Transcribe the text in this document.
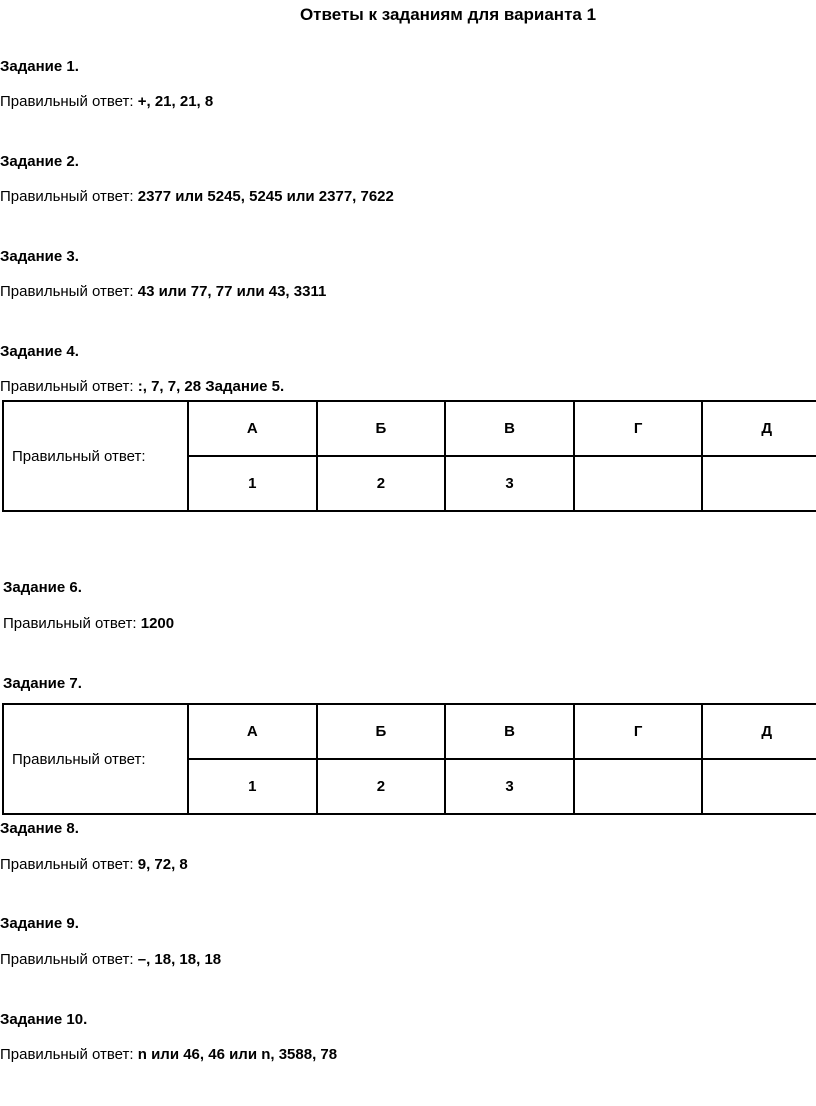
Ответы к заданиям для варианта 1
Задание 1.
Правильный ответ: +, 21, 21, 8
Задание 2.
Правильный ответ: 2377 или 5245, 5245 или 2377, 7622
Задание 3.
Правильный ответ: 43 или 77, 77 или 43, 3311
Задание 4.
Правильный ответ: :, 7, 7, 28 Задание 5.
Правильный ответ:	А	Б	В	Г	Д
	1	2	3		
Задание 6.
Правильный ответ: 1200
Задание 7.
Правильный ответ:	А	Б	В	Г	Д
	1	2	3		
Задание 8.
Правильный ответ: 9, 72, 8
Задание 9.
Правильный ответ: –, 18, 18, 18
Задание 10.
Правильный ответ: n или 46, 46 или n, 3588, 78
